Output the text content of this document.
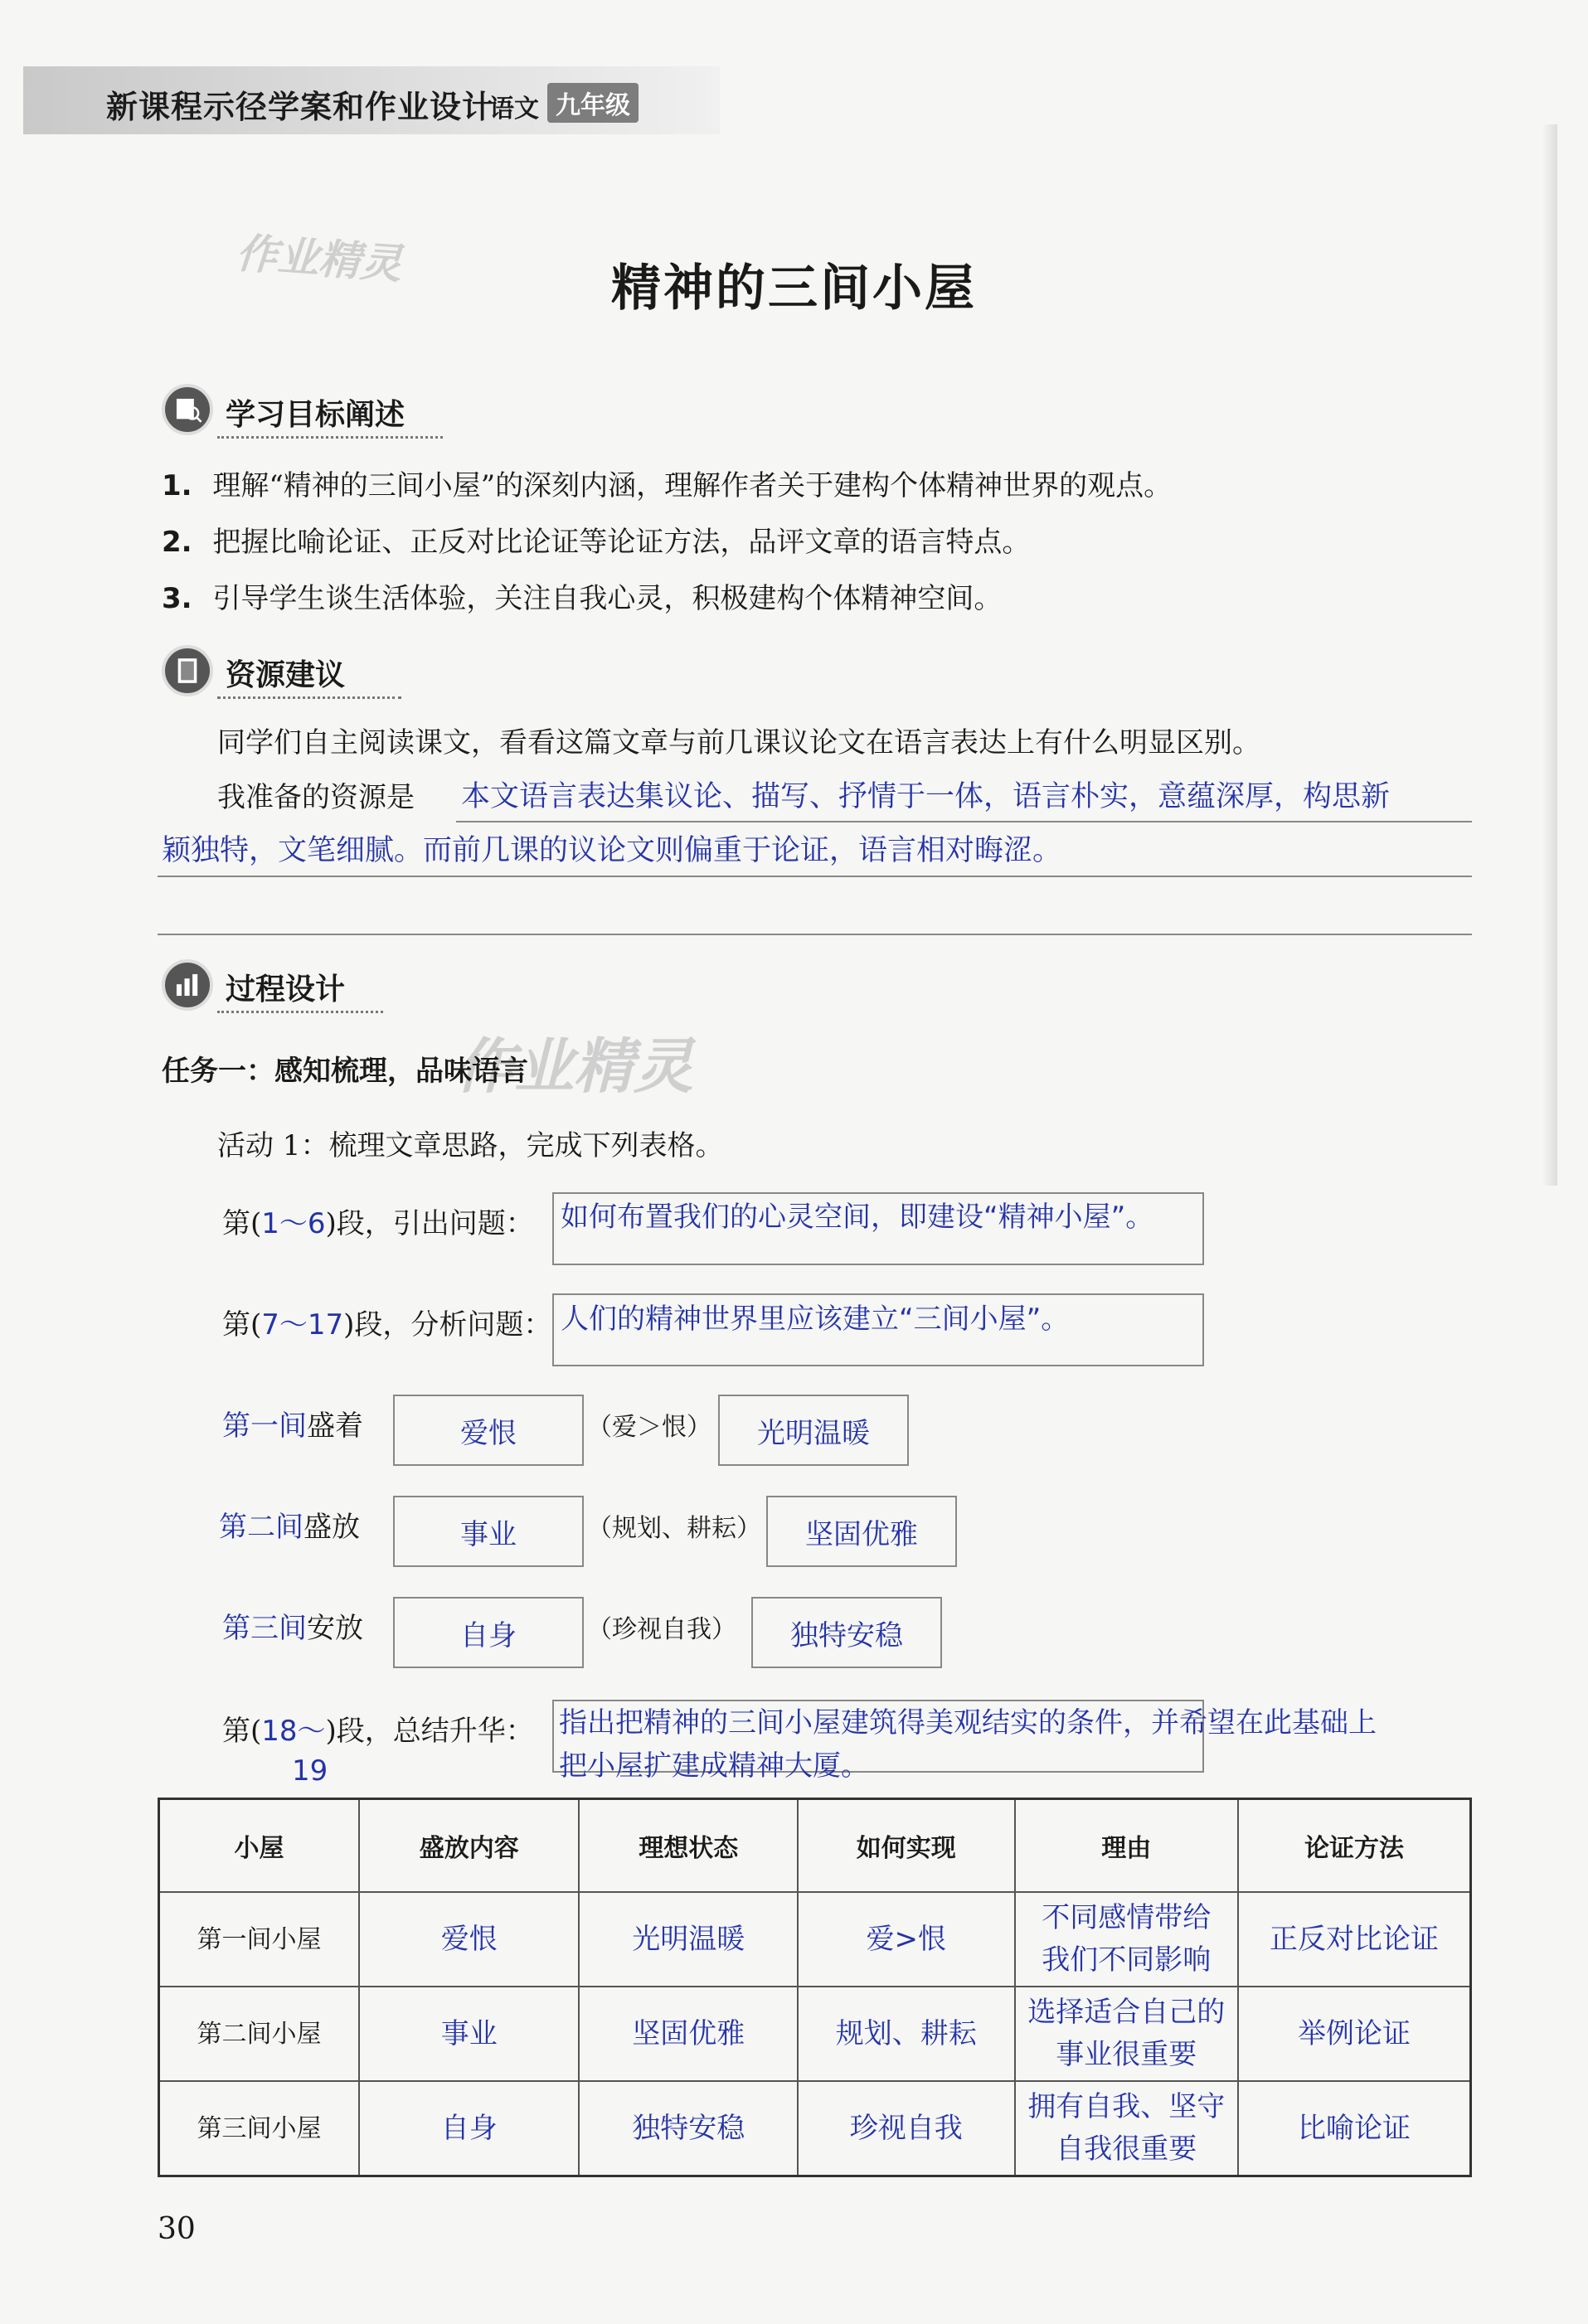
新课程示径学案和作业设计
语文 九年级
作业精灵
作业精灵
精神的三间小屋
学习目标阐述
1. 理解“精神的三间小屋”的深刻内涵，理解作者关于建构个体精神世界的观点。
2. 把握比喻论证、正反对比论证等论证方法，品评文章的语言特点。
3. 引导学生谈生活体验，关注自我心灵，积极建构个体精神空间。
资源建议
同学们自主阅读课文，看看这篇文章与前几课议论文在语言表达上有什么明显区别。
我准备的资源是 本文语言表达集议论、描写、抒情于一体，语言朴实，意蕴深厚，构思新
颖独特，文笔细腻。而前几课的议论文则偏重于论证，语言相对晦涩。
过程设计
任务一：感知梳理，品味语言
活动 1：梳理文章思路，完成下列表格。
第(1～6)段，引出问题： 如何布置我们的心灵空间，即建设“精神小屋”。
第(7～17)段，分析问题： 人们的精神世界里应该建立“三间小屋”。
第一间盛着	爱恨	（爱＞恨）	光明温暖
第二间盛放	事业	（规划、耕耘）	坚固优雅
第三间安放	自身	（珍视自我）	独特安稳
第(18～)段，总结升华：
19
指出把精神的三间小屋建筑得美观结实的条件，并希望在此基础上
把小屋扩建成精神大厦。
小屋	盛放内容	理想状态	如何实现	理由	论证方法
第一间小屋	爱恨	光明温暖	爱>恨	不同感情带给
我们不同影响	正反对比论证
第二间小屋	事业	坚固优雅	规划、耕耘	选择适合自己的
事业很重要	举例论证
第三间小屋	自身	独特安稳	珍视自我	拥有自我、坚守
自我很重要	比喻论证
30
